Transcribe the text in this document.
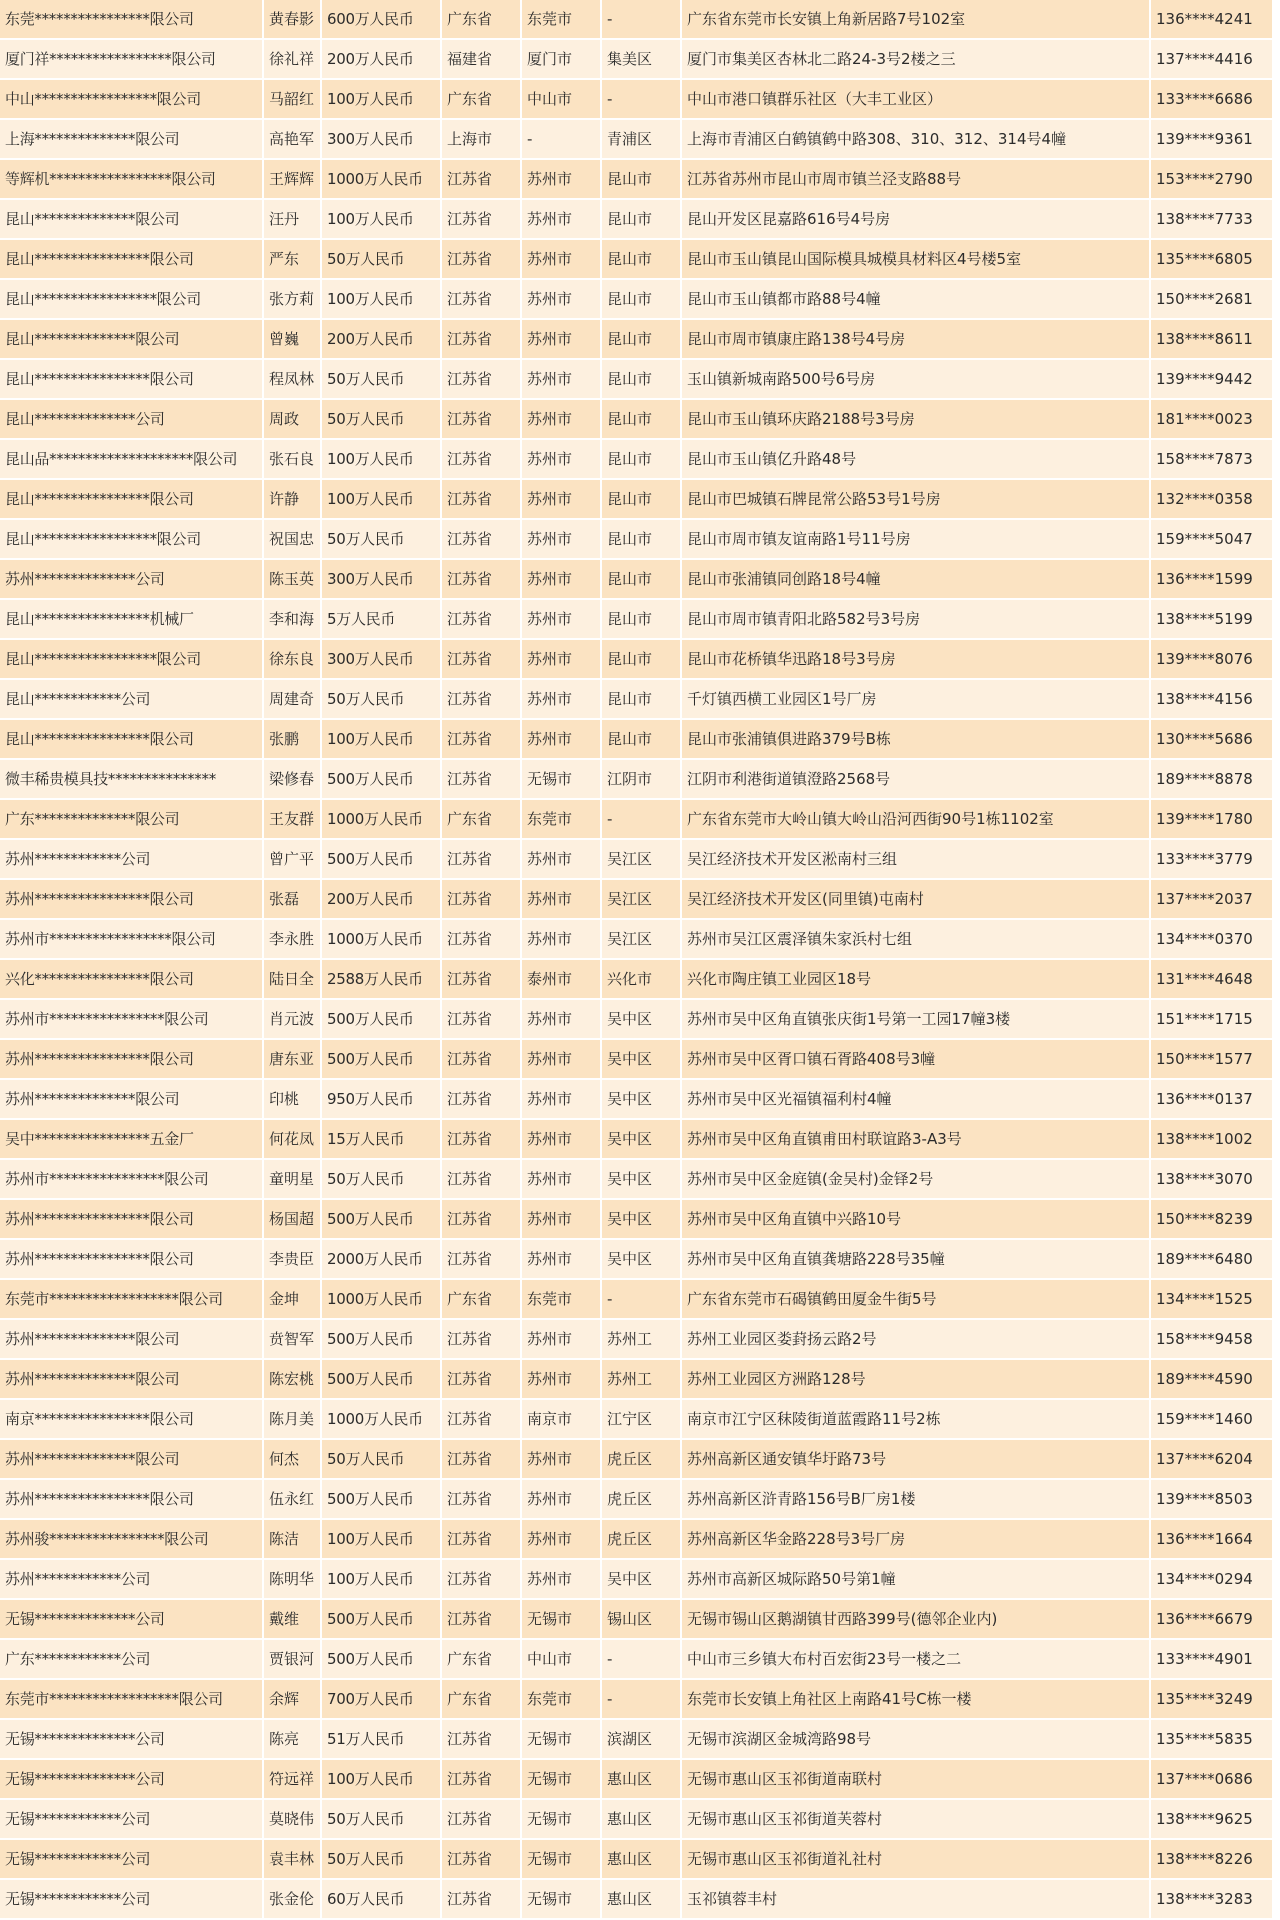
东莞****************限公司	黄春影	600万人民币	广东省	东莞市	-	广东省东莞市长安镇上角新居路7号102室	136****4241
厦门祥*****************限公司	徐礼祥	200万人民币	福建省	厦门市	集美区	厦门市集美区杏林北二路24-3号2楼之三	137****4416
中山*****************限公司	马韶红	100万人民币	广东省	中山市	-	中山市港口镇群乐社区（大丰工业区）	133****6686
上海**************限公司	高艳军	300万人民币	上海市	-	青浦区	上海市青浦区白鹤镇鹤中路308、310、312、314号4幢	139****9361
等辉机*****************限公司	王辉辉	1000万人民币	江苏省	苏州市	昆山市	江苏省苏州市昆山市周市镇兰泾支路88号	153****2790
昆山**************限公司	汪丹	100万人民币	江苏省	苏州市	昆山市	昆山开发区昆嘉路616号4号房	138****7733
昆山****************限公司	严东	50万人民币	江苏省	苏州市	昆山市	昆山市玉山镇昆山国际模具城模具材料区4号楼5室	135****6805
昆山*****************限公司	张方莉	100万人民币	江苏省	苏州市	昆山市	昆山市玉山镇都市路88号4幢	150****2681
昆山**************限公司	曾巍	200万人民币	江苏省	苏州市	昆山市	昆山市周市镇康庄路138号4号房	138****8611
昆山****************限公司	程凤林	50万人民币	江苏省	苏州市	昆山市	玉山镇新城南路500号6号房	139****9442
昆山**************公司	周政	50万人民币	江苏省	苏州市	昆山市	昆山市玉山镇环庆路2188号3号房	181****0023
昆山品********************限公司	张石良	100万人民币	江苏省	苏州市	昆山市	昆山市玉山镇亿升路48号	158****7873
昆山****************限公司	许静	100万人民币	江苏省	苏州市	昆山市	昆山市巴城镇石牌昆常公路53号1号房	132****0358
昆山*****************限公司	祝国忠	50万人民币	江苏省	苏州市	昆山市	昆山市周市镇友谊南路1号11号房	159****5047
苏州**************公司	陈玉英	300万人民币	江苏省	苏州市	昆山市	昆山市张浦镇同创路18号4幢	136****1599
昆山****************机械厂	李和海	5万人民币	江苏省	苏州市	昆山市	昆山市周市镇青阳北路582号3号房	138****5199
昆山*****************限公司	徐东良	300万人民币	江苏省	苏州市	昆山市	昆山市花桥镇华迅路18号3号房	139****8076
昆山************公司	周建奇	50万人民币	江苏省	苏州市	昆山市	千灯镇西横工业园区1号厂房	138****4156
昆山****************限公司	张鹏	100万人民币	江苏省	苏州市	昆山市	昆山市张浦镇俱进路379号B栋	130****5686
微丰稀贵模具技***************	梁修春	500万人民币	江苏省	无锡市	江阴市	江阴市利港街道镇澄路2568号	189****8878
广东**************限公司	王友群	1000万人民币	广东省	东莞市	-	广东省东莞市大岭山镇大岭山沿河西街90号1栋1102室	139****1780
苏州************公司	曾广平	500万人民币	江苏省	苏州市	吴江区	吴江经济技术开发区淞南村三组	133****3779
苏州****************限公司	张磊	200万人民币	江苏省	苏州市	吴江区	吴江经济技术开发区(同里镇)屯南村	137****2037
苏州市*****************限公司	李永胜	1000万人民币	江苏省	苏州市	吴江区	苏州市吴江区震泽镇朱家浜村七组	134****0370
兴化****************限公司	陆日全	2588万人民币	江苏省	泰州市	兴化市	兴化市陶庄镇工业园区18号	131****4648
苏州市****************限公司	肖元波	500万人民币	江苏省	苏州市	吴中区	苏州市吴中区角直镇张庆街1号第一工园17幢3楼	151****1715
苏州****************限公司	唐东亚	500万人民币	江苏省	苏州市	吴中区	苏州市吴中区胥口镇石胥路408号3幢	150****1577
苏州**************限公司	印桃	950万人民币	江苏省	苏州市	吴中区	苏州市吴中区光福镇福利村4幢	136****0137
吴中****************五金厂	何花凤	15万人民币	江苏省	苏州市	吴中区	苏州市吴中区角直镇甫田村联谊路3-A3号	138****1002
苏州市****************限公司	童明星	50万人民币	江苏省	苏州市	吴中区	苏州市吴中区金庭镇(金吴村)金铎2号	138****3070
苏州****************限公司	杨国超	500万人民币	江苏省	苏州市	吴中区	苏州市吴中区角直镇中兴路10号	150****8239
苏州****************限公司	李贵臣	2000万人民币	江苏省	苏州市	吴中区	苏州市吴中区角直镇龚塘路228号35幢	189****6480
东莞市******************限公司	金坤	1000万人民币	广东省	东莞市	-	广东省东莞市石碣镇鹤田厦金牛街5号	134****1525
苏州**************限公司	贲智军	500万人民币	江苏省	苏州市	苏州工	苏州工业园区娄葑扬云路2号	158****9458
苏州**************限公司	陈宏桃	500万人民币	江苏省	苏州市	苏州工	苏州工业园区方洲路128号	189****4590
南京****************限公司	陈月美	1000万人民币	江苏省	南京市	江宁区	南京市江宁区秣陵街道蓝霞路11号2栋	159****1460
苏州**************限公司	何杰	50万人民币	江苏省	苏州市	虎丘区	苏州高新区通安镇华圩路73号	137****6204
苏州****************限公司	伍永红	500万人民币	江苏省	苏州市	虎丘区	苏州高新区浒青路156号B厂房1楼	139****8503
苏州骏****************限公司	陈洁	100万人民币	江苏省	苏州市	虎丘区	苏州高新区华金路228号3号厂房	136****1664
苏州************公司	陈明华	100万人民币	江苏省	苏州市	吴中区	苏州市高新区城际路50号第1幢	134****0294
无锡**************公司	戴维	500万人民币	江苏省	无锡市	锡山区	无锡市锡山区鹅湖镇甘西路399号(德邻企业内)	136****6679
广东************公司	贾银河	500万人民币	广东省	中山市	-	中山市三乡镇大布村百宏街23号一楼之二	133****4901
东莞市******************限公司	余辉	700万人民币	广东省	东莞市	-	东莞市长安镇上角社区上南路41号C栋一楼	135****3249
无锡**************公司	陈亮	51万人民币	江苏省	无锡市	滨湖区	无锡市滨湖区金城湾路98号	135****5835
无锡**************公司	符远祥	100万人民币	江苏省	无锡市	惠山区	无锡市惠山区玉祁街道南联村	137****0686
无锡************公司	莫晓伟	50万人民币	江苏省	无锡市	惠山区	无锡市惠山区玉祁街道芙蓉村	138****9625
无锡************公司	袁丰林	50万人民币	江苏省	无锡市	惠山区	无锡市惠山区玉祁街道礼社村	138****8226
无锡************公司	张金伦	60万人民币	江苏省	无锡市	惠山区	玉祁镇蓉丰村	138****3283
